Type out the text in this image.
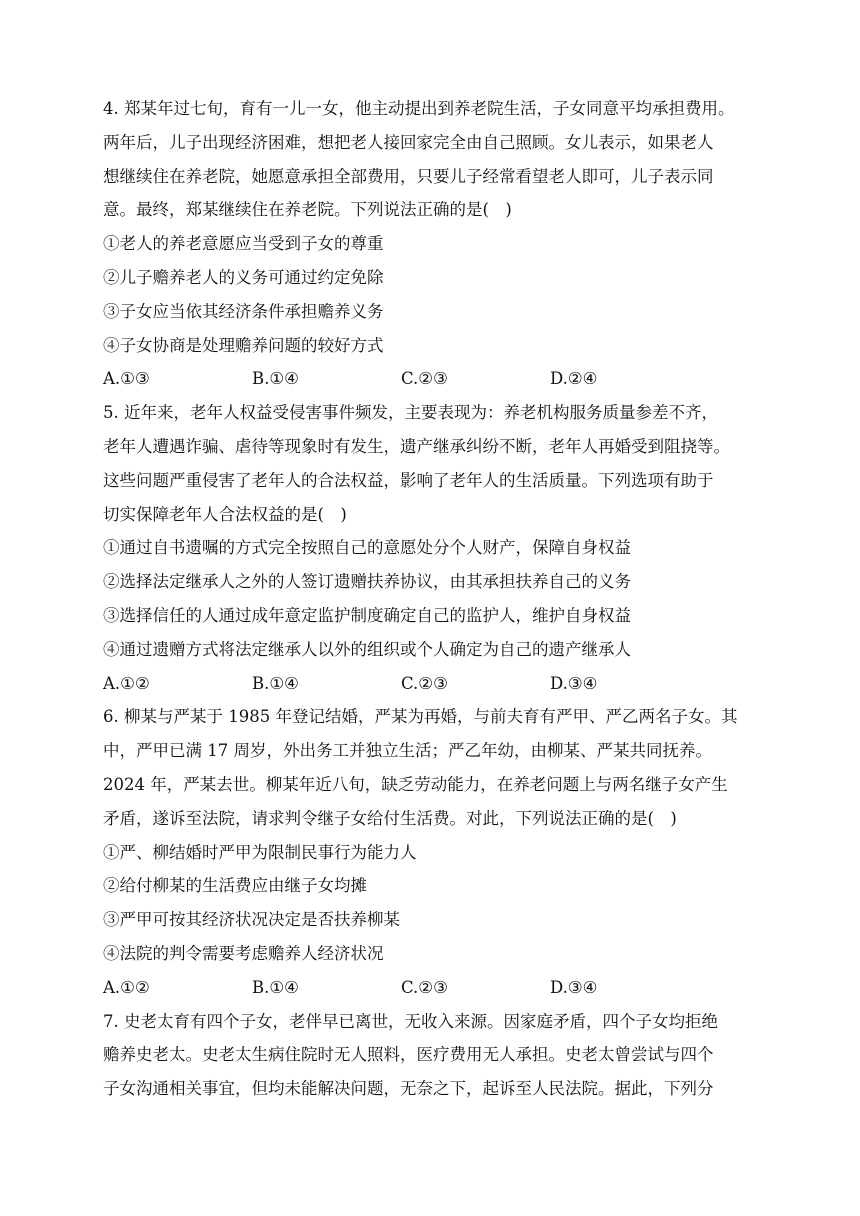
4. 郑某年过七旬，育有一儿一女，他主动提出到养老院生活，子女同意平均承担费用。
两年后，儿子出现经济困难，想把老人接回家完全由自己照顾。女儿表示，如果老人
想继续住在养老院，她愿意承担全部费用，只要儿子经常看望老人即可，儿子表示同
意。最终，郑某继续住在养老院。下列说法正确的是(　)
①老人的养老意愿应当受到子女的尊重
②儿子赡养老人的义务可通过约定免除
③子女应当依其经济条件承担赡养义务
④子女协商是处理赡养问题的较好方式
A.①③	B.①④	C.②③	D.②④
5. 近年来，老年人权益受侵害事件频发，主要表现为：养老机构服务质量参差不齐，
老年人遭遇诈骗、虐待等现象时有发生，遗产继承纠纷不断，老年人再婚受到阻挠等。
这些问题严重侵害了老年人的合法权益，影响了老年人的生活质量。下列选项有助于
切实保障老年人合法权益的是(　)
①通过自书遗嘱的方式完全按照自己的意愿处分个人财产，保障自身权益
②选择法定继承人之外的人签订遗赠扶养协议，由其承担扶养自己的义务
③选择信任的人通过成年意定监护制度确定自己的监护人，维护自身权益
④通过遗赠方式将法定继承人以外的组织或个人确定为自己的遗产继承人
A.①②	B.①④	C.②③	D.③④
6. 柳某与严某于 1985 年登记结婚，严某为再婚，与前夫育有严甲、严乙两名子女。其
中，严甲已满 17 周岁，外出务工并独立生活；严乙年幼，由柳某、严某共同抚养。
2024 年，严某去世。柳某年近八旬，缺乏劳动能力，在养老问题上与两名继子女产生
矛盾，遂诉至法院，请求判令继子女给付生活费。对此，下列说法正确的是(　)
①严、柳结婚时严甲为限制民事行为能力人
②给付柳某的生活费应由继子女均摊
③严甲可按其经济状况决定是否扶养柳某
④法院的判令需要考虑赡养人经济状况
A.①②	B.①④	C.②③	D.③④
7. 史老太育有四个子女，老伴早已离世，无收入来源。因家庭矛盾，四个子女均拒绝
赡养史老太。史老太生病住院时无人照料，医疗费用无人承担。史老太曾尝试与四个
子女沟通相关事宜，但均未能解决问题，无奈之下，起诉至人民法院。据此，下列分
